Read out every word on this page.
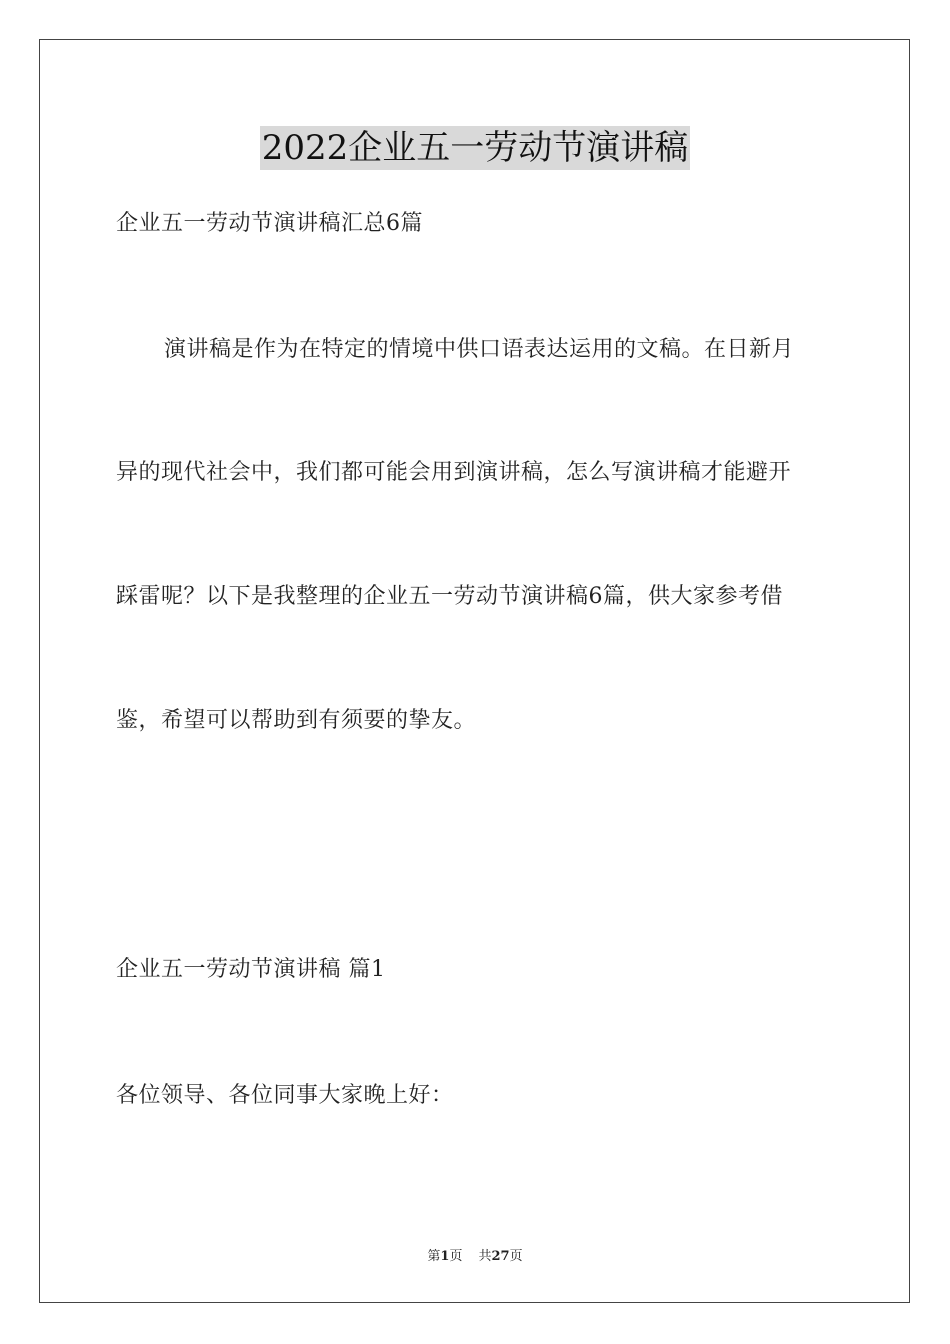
2022企业五一劳动节演讲稿
企业五一劳动节演讲稿汇总6篇
演讲稿是作为在特定的情境中供口语表达运用的文稿。在日新月
异的现代社会中，我们都可能会用到演讲稿，怎么写演讲稿才能避开
踩雷呢？以下是我整理的企业五一劳动节演讲稿6篇，供大家参考借
鉴，希望可以帮助到有须要的挚友。
企业五一劳动节演讲稿 篇1
各位领导、各位同事大家晚上好：
第1页 共27页
